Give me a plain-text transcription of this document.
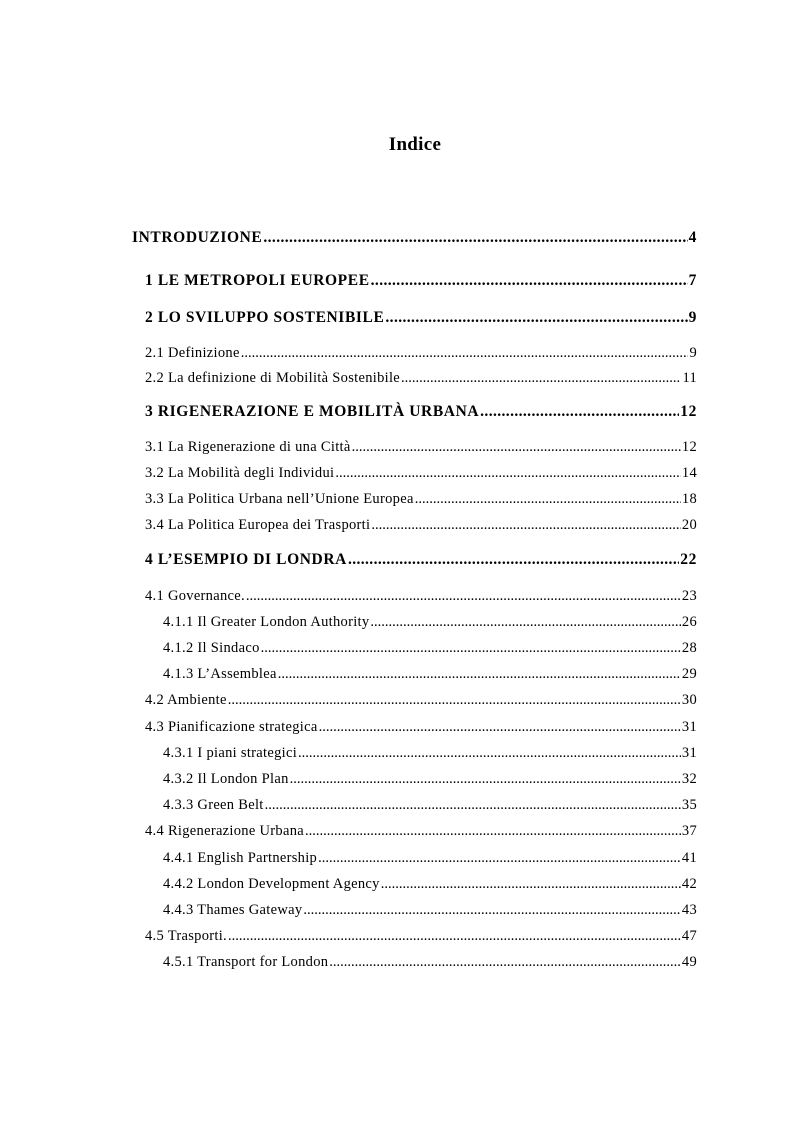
Indice
INTRODUZIONE .....	4
1 LE METROPOLI EUROPEE .....	7
2 LO SVILUPPO SOSTENIBILE .....	9
2.1 Definizione .....	9
2.2 La definizione di Mobilità Sostenibile .....	11
3 RIGENERAZIONE E MOBILITÀ URBANA .....	12
3.1 La Rigenerazione di una Città .....	12
3.2 La Mobilità degli Individui .....	14
3.3 La Politica Urbana nell’Unione Europea .....	18
3.4 La Politica Europea dei Trasporti .....	20
4 L’ESEMPIO DI LONDRA .....	22
4.1 Governance. .....	23
4.1.1 Il Greater London Authority .....	26
4.1.2 Il Sindaco .....	28
4.1.3 L’Assemblea .....	29
4.2 Ambiente .....	30
4.3 Pianificazione strategica .....	31
4.3.1 I piani strategici .....	31
4.3.2 Il London Plan .....	32
4.3.3 Green Belt .....	35
4.4 Rigenerazione Urbana .....	37
4.4.1 English Partnership .....	41
4.4.2 London Development Agency .....	42
4.4.3 Thames Gateway .....	43
4.5 Trasporti. .....	47
4.5.1 Transport for London .....	49
